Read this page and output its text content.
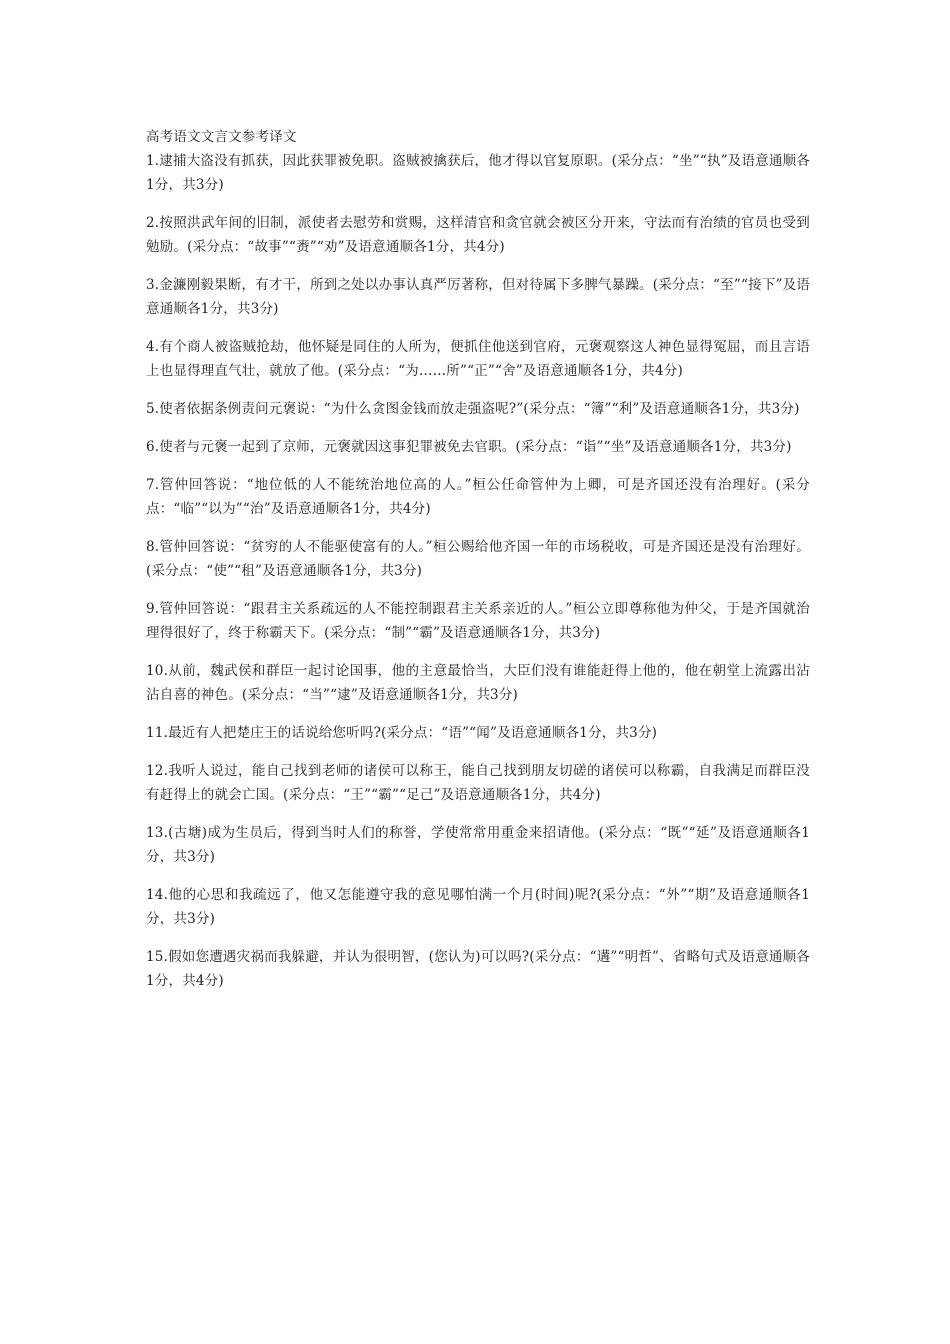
高考语文文言文参考译文

1.逮捕大盗没有抓获，因此获罪被免职。盗贼被擒获后，他才得以官复原职。(采分点：“坐”“执”及语意通顺各1分，共3分)

2.按照洪武年间的旧制，派使者去慰劳和赏赐，这样清官和贪官就会被区分开来，守法而有治绩的官员也受到勉励。(采分点：“故事”“赉”“劝”及语意通顺各1分，共4分)

3.金濂刚毅果断，有才干，所到之处以办事认真严厉著称，但对待属下多脾气暴躁。(采分点：“至”“接下”及语意通顺各1分，共3分)

4.有个商人被盗贼抢劫，他怀疑是同住的人所为，便抓住他送到官府，元褒观察这人神色显得冤屈，而且言语上也显得理直气壮，就放了他。(采分点：“为……所”“正”“舍”及语意通顺各1分，共4分)

5.使者依据条例责问元褒说：“为什么贪图金钱而放走强盗呢?”(采分点：“簿”“利”及语意通顺各1分，共3分)

6.使者与元褒一起到了京师，元褒就因这事犯罪被免去官职。(采分点：“诣”“坐”及语意通顺各1分，共3分)

7.管仲回答说：“地位低的人不能统治地位高的人。”桓公任命管仲为上卿，可是齐国还没有治理好。(采分点：“临”“以为”“治”及语意通顺各1分，共4分)

8.管仲回答说：“贫穷的人不能驱使富有的人。”桓公赐给他齐国一年的市场税收，可是齐国还是没有治理好。(采分点：“使”“租”及语意通顺各1分，共3分)

9.管仲回答说：“跟君主关系疏远的人不能控制跟君主关系亲近的人。”桓公立即尊称他为仲父，于是齐国就治理得很好了，终于称霸天下。(采分点：“制”“霸”及语意通顺各1分，共3分)

10.从前，魏武侯和群臣一起讨论国事，他的主意最恰当，大臣们没有谁能赶得上他的，他在朝堂上流露出沾沾自喜的神色。(采分点：“当”“逮”及语意通顺各1分，共3分)

11.最近有人把楚庄王的话说给您听吗?(采分点：“语”“闻”及语意通顺各1分，共3分)

12.我听人说过，能自己找到老师的诸侯可以称王，能自己找到朋友切磋的诸侯可以称霸，自我满足而群臣没有赶得上的就会亡国。(采分点：“王”“霸”“足己”及语意通顺各1分，共4分)

13.(古塘)成为生员后，得到当时人们的称誉，学使常常用重金来招请他。(采分点：“既”“延”及语意通顺各1分，共3分)

14.他的心思和我疏远了，他又怎能遵守我的意见哪怕满一个月(时间)呢?(采分点：“外”“期”及语意通顺各1分，共3分)

15.假如您遭遇灾祸而我躲避，并认为很明智，(您认为)可以吗?(采分点：“遘”“明哲”、省略句式及语意通顺各1分，共4分)
